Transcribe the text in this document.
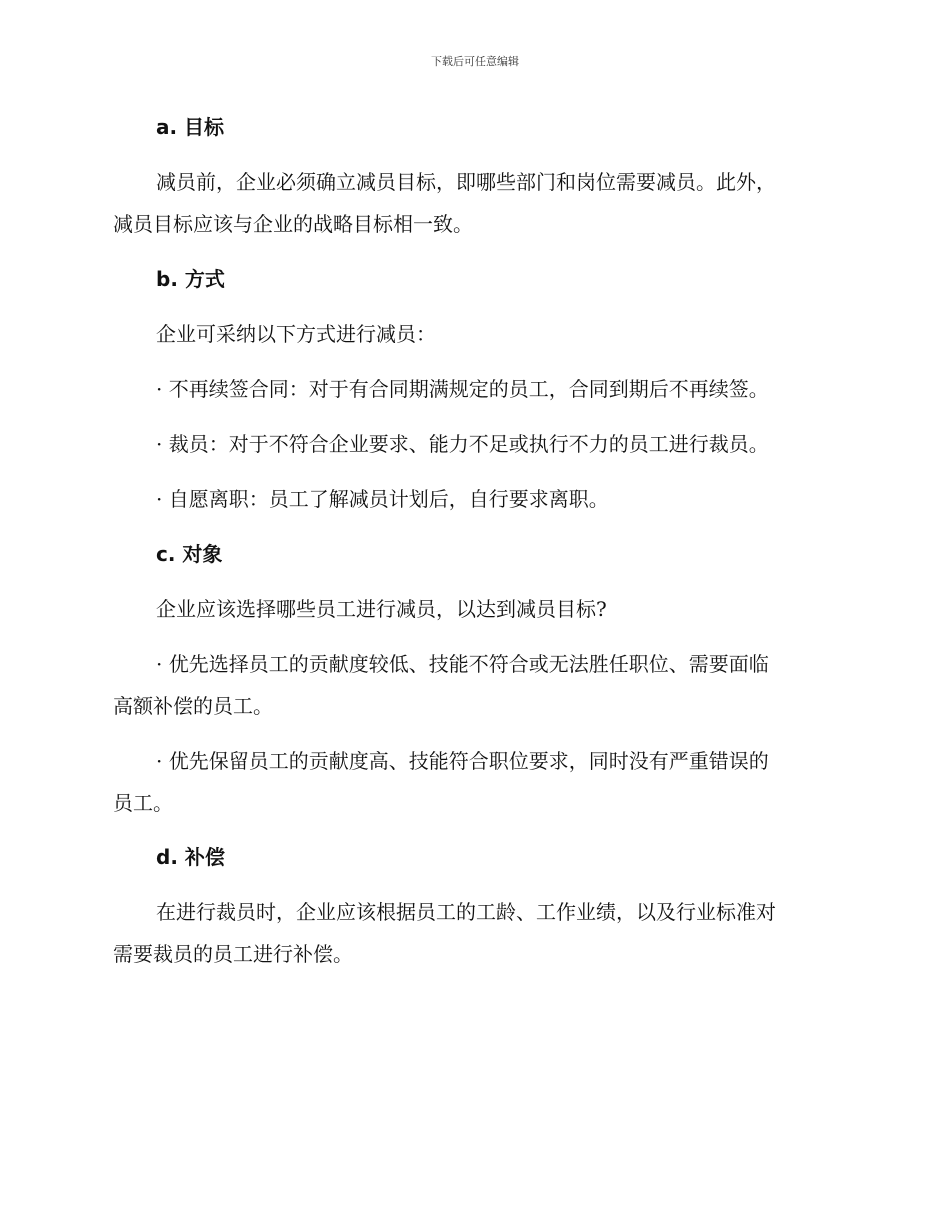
下载后可任意编辑
a. 目标
减员前，企业必须确立减员目标，即哪些部门和岗位需要减员。此外，
减员目标应该与企业的战略目标相一致。
b. 方式
企业可采纳以下方式进行减员：
· 不再续签合同：对于有合同期满规定的员工，合同到期后不再续签。
· 裁员：对于不符合企业要求、能力不足或执行不力的员工进行裁员。
· 自愿离职：员工了解减员计划后，自行要求离职。
c. 对象
企业应该选择哪些员工进行减员，以达到减员目标?
· 优先选择员工的贡献度较低、技能不符合或无法胜任职位、需要面临
高额补偿的员工。
· 优先保留员工的贡献度高、技能符合职位要求，同时没有严重错误的
员工。
d. 补偿
在进行裁员时，企业应该根据员工的工龄、工作业绩，以及行业标准对
需要裁员的员工进行补偿。
